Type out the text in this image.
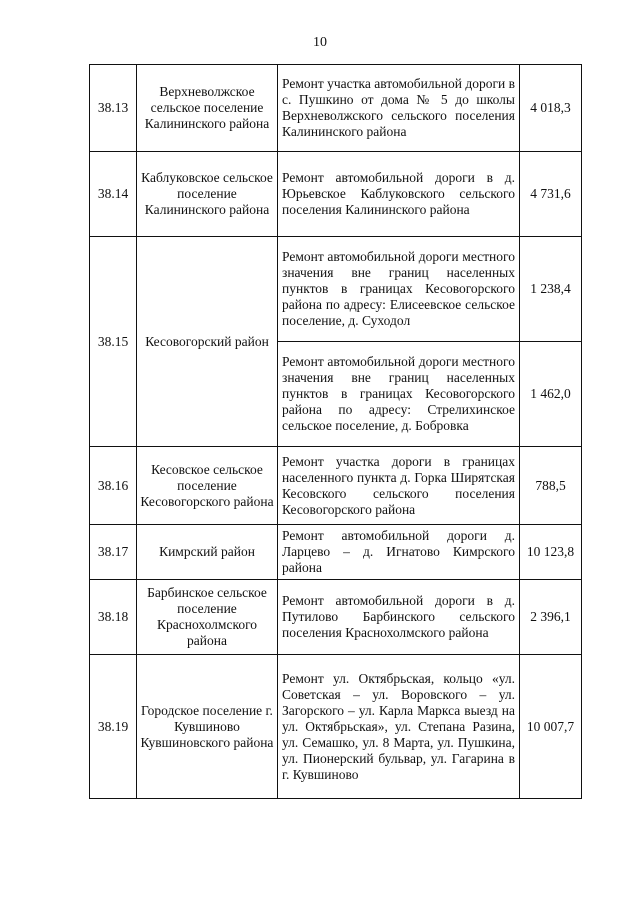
10
38.13	Верхневолжское сельское поселение Калининского района	Ремонт участка автомобильной дороги в с. Пушкино от дома № 5 до школы Верхневолжского сельского поселения Калининского района	4 018,3
38.14	Каблуковское сельское поселение Калининского района	Ремонт автомобильной дороги в д. Юрьевское Каблуковского сельского поселения Калининского района	4 731,6
38.15	Кесовогорский район	Ремонт автомобильной дороги местного значения вне границ населенных пунктов в границах Кесовогорского района по адресу: Елисеевское сельское поселение, д. Суходол	1 238,4
		Ремонт автомобильной дороги местного значения вне границ населенных пунктов в границах Кесовогорского района по адресу: Стрелихинское сельское поселение, д. Бобровка	1 462,0
38.16	Кесовское сельское поселение Кесовогорского района	Ремонт участка дороги в границах населенного пункта д. Горка Ширятская Кесовского сельского поселения Кесовогорского района	788,5
38.17	Кимрский район	Ремонт автомобильной дороги д. Ларцево – д. Игнатово Кимрского района	10 123,8
38.18	Барбинское сельское поселение Краснохолмского района	Ремонт автомобильной дороги в д. Путилово Барбинского сельского поселения Краснохолмского района	2 396,1
38.19	Городское поселение г. Кувшиново Кувшиновского района	Ремонт ул. Октябрьская, кольцо «ул. Советская – ул. Воровского – ул. Загорского – ул. Карла Маркса выезд на ул. Октябрьская», ул. Степана Разина, ул. Семашко, ул. 8 Марта, ул. Пушкина, ул. Пионерский бульвар, ул. Гагарина в г. Кувшиново	10 007,7
